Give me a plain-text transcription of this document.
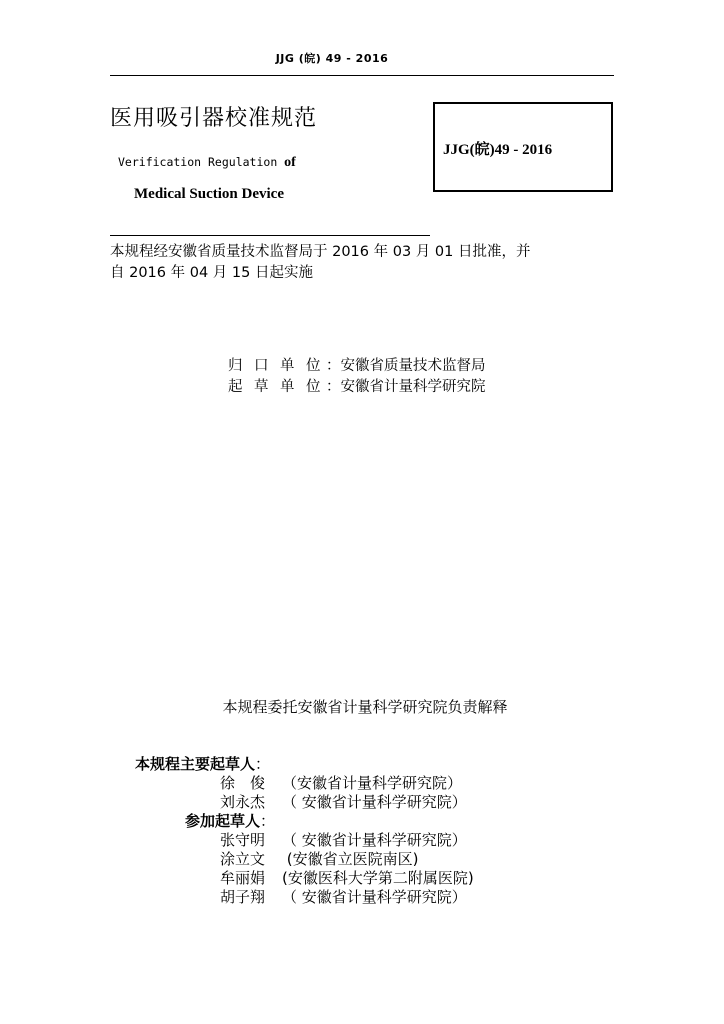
JJG (皖) 49 - 2016
医用吸引器校准规范
Verification Regulation of
Medical Suction Device
JJG(皖)49 - 2016
本规程经安徽省质量技术监督局于 2016 年 03 月 01 日批准，并
自 2016 年 04 月 15 日起实施
归 口 单 位 ：安徽省质量技术监督局
起 草 单 位 ：安徽省计量科学研究院
本规程委托安徽省计量科学研究院负责解释
本规程主要起草人：
徐　俊 （安徽省计量科学研究院）
刘永杰 （ 安徽省计量科学研究院）
参加起草人：
张守明 （ 安徽省计量科学研究院）
涂立文 (安徽省立医院南区)
牟丽娟 (安徽医科大学第二附属医院)
胡子翔 （ 安徽省计量科学研究院）
